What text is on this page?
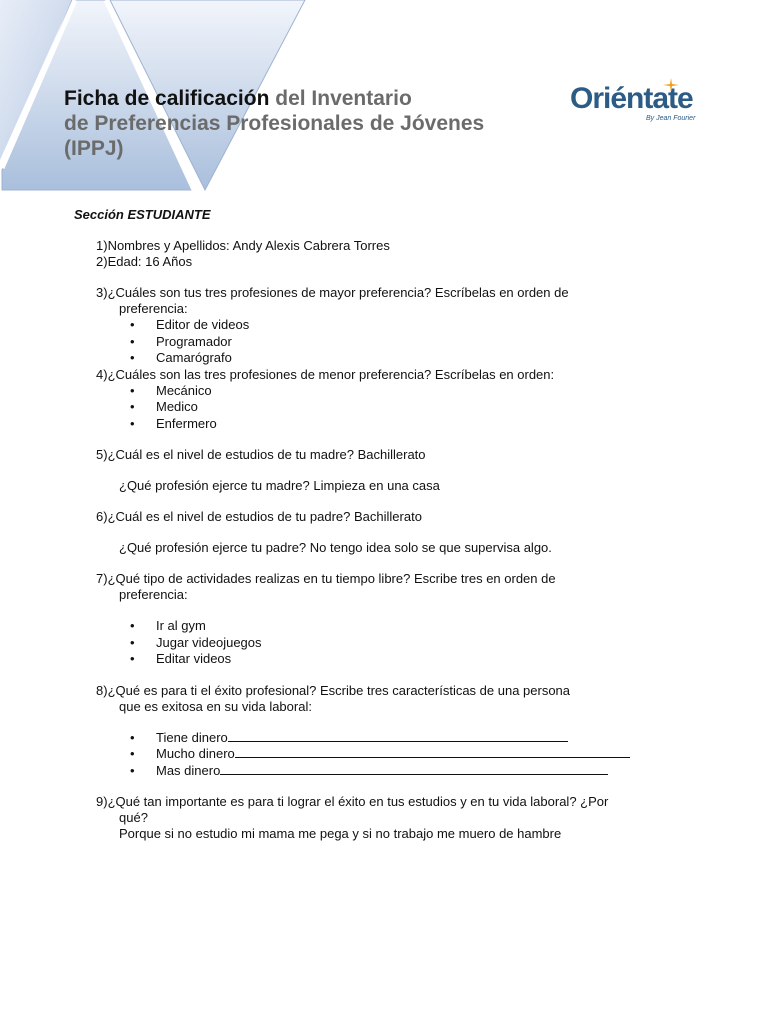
Ficha de calificación del Inventario
de Preferencias Profesionales de Jóvenes
(IPPJ)
Oriéntate
By Jean Fourier
Sección ESTUDIANTE
1)Nombres y Apellidos: Andy Alexis Cabrera Torres
2)Edad: 16 Años
3)¿Cuáles son tus tres profesiones de mayor preferencia? Escríbelas en orden de
preferencia:
• Editor de videos
• Programador
• Camarógrafo
4)¿Cuáles son las tres profesiones de menor preferencia? Escríbelas en orden:
• Mecánico
• Medico
• Enfermero
5)¿Cuál es el nivel de estudios de tu madre? Bachillerato
¿Qué profesión ejerce tu madre? Limpieza en una casa
6)¿Cuál es el nivel de estudios de tu padre? Bachillerato
¿Qué profesión ejerce tu padre? No tengo idea solo se que supervisa algo.
7)¿Qué tipo de actividades realizas en tu tiempo libre? Escribe tres en orden de
preferencia:
• Ir al gym
• Jugar videojuegos
• Editar videos
8)¿Qué es para ti el éxito profesional? Escribe tres características de una persona
que es exitosa en su vida laboral:
• Tiene dinero
• Mucho dinero
• Mas dinero
9)¿Qué tan importante es para ti lograr el éxito en tus estudios y en tu vida laboral? ¿Por
qué?
Porque si no estudio mi mama me pega y si no trabajo me muero de hambre
